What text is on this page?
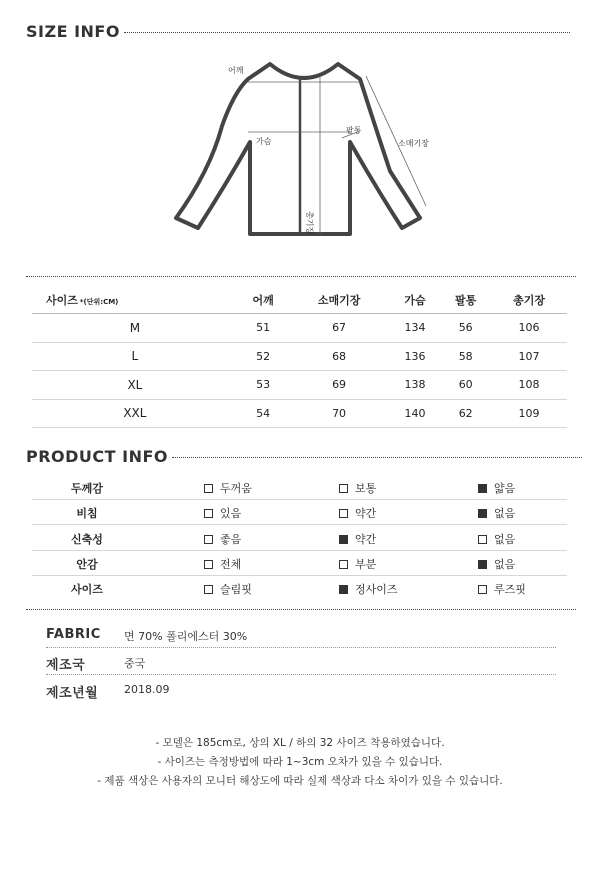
SIZE INFO
어깨
가슴
팔통
소매기장
총기장
사이즈 *(단위:CM)	어깨	소매기장	가슴	팔통	총기장
M	51	67	134	56	106
L	52	68	136	58	107
XL	53	69	138	60	108
XXL	54	70	140	62	109
PRODUCT INFO
두께감	두꺼움	보통	얇음
비침	있음	약간	없음
신축성	좋음	약간	없음
안감	전체	부분	없음
사이즈	슬림핏	정사이즈	루즈핏
FABRIC 면 70% 폴리에스터 30%
제조국	중국
제조년월 2018.09
- 모델은 185cm로, 상의 XL / 하의 32 사이즈 착용하였습니다.
- 사이즈는 측정방법에 따라 1~3cm 오차가 있을 수 있습니다.
- 제품 색상은 사용자의 모니터 해상도에 따라 실제 색상과 다소 차이가 있을 수 있습니다.
